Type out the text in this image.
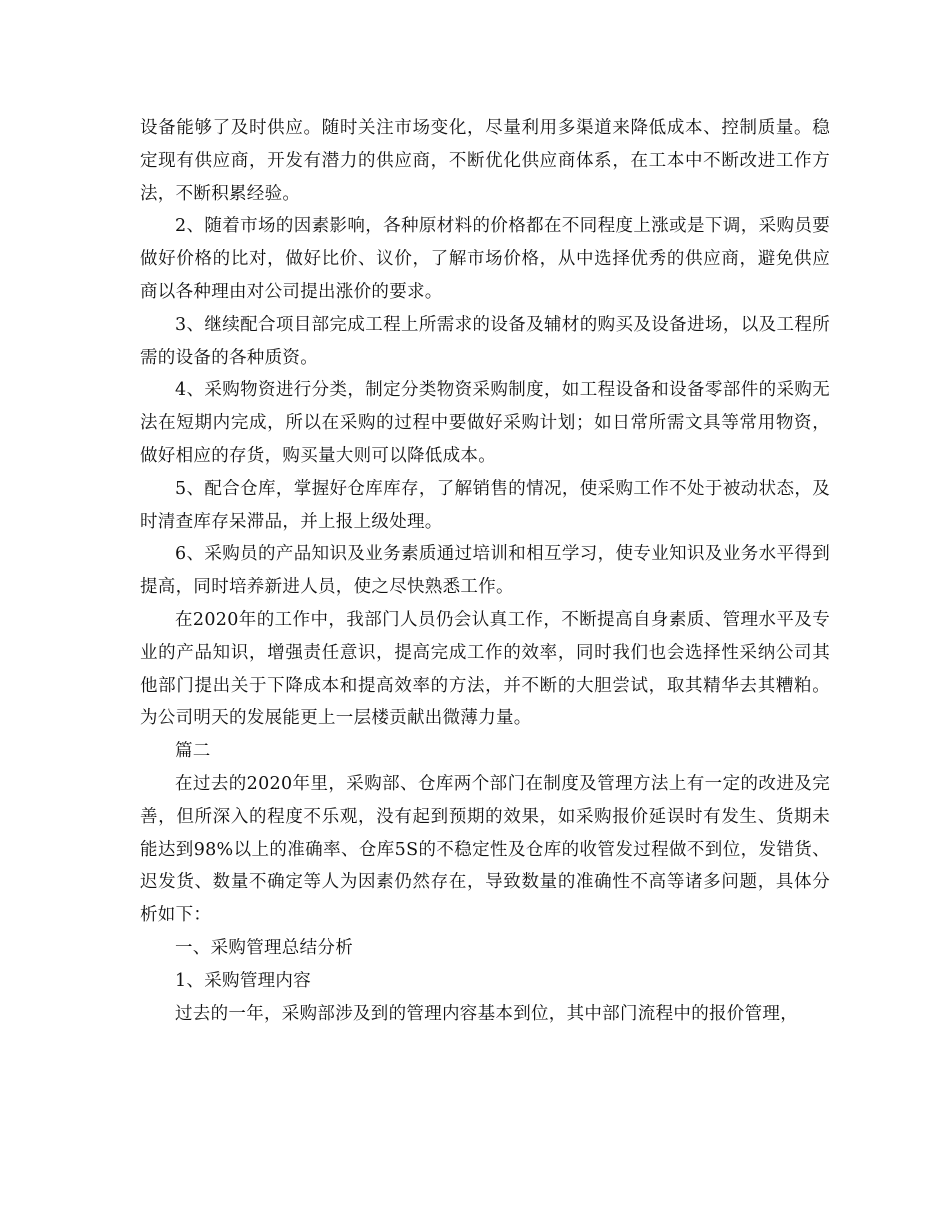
设备能够了及时供应。随时关注市场变化，尽量利用多渠道来降低成本、控制质量。稳定现有供应商，开发有潜力的供应商，不断优化供应商体系，在工本中不断改进工作方法，不断积累经验。

2、随着市场的因素影响，各种原材料的价格都在不同程度上涨或是下调，采购员要做好价格的比对，做好比价、议价，了解市场价格，从中选择优秀的供应商，避免供应商以各种理由对公司提出涨价的要求。

3、继续配合项目部完成工程上所需求的设备及辅材的购买及设备进场，以及工程所需的设备的各种质资。

4、采购物资进行分类，制定分类物资采购制度，如工程设备和设备零部件的采购无法在短期内完成，所以在采购的过程中要做好采购计划；如日常所需文具等常用物资，做好相应的存货，购买量大则可以降低成本。

5、配合仓库，掌握好仓库库存，了解销售的情况，使采购工作不处于被动状态，及时清查库存呆滞品，并上报上级处理。

6、采购员的产品知识及业务素质通过培训和相互学习，使专业知识及业务水平得到提高，同时培养新进人员，使之尽快熟悉工作。

在2020年的工作中，我部门人员仍会认真工作，不断提高自身素质、管理水平及专业的产品知识，增强责任意识，提高完成工作的效率，同时我们也会选择性采纳公司其他部门提出关于下降成本和提高效率的方法，并不断的大胆尝试，取其精华去其糟粕。为公司明天的发展能更上一层楼贡献出微薄力量。

篇二

在过去的2020年里，采购部、仓库两个部门在制度及管理方法上有一定的改进及完善，但所深入的程度不乐观，没有起到预期的效果，如采购报价延误时有发生、货期未能达到98%以上的准确率、仓库5S的不稳定性及仓库的收管发过程做不到位，发错货、迟发货、数量不确定等人为因素仍然存在，导致数量的准确性不高等诸多问题，具体分析如下：

一、采购管理总结分析

1、采购管理内容

过去的一年，采购部涉及到的管理内容基本到位，其中部门流程中的报价管理，
